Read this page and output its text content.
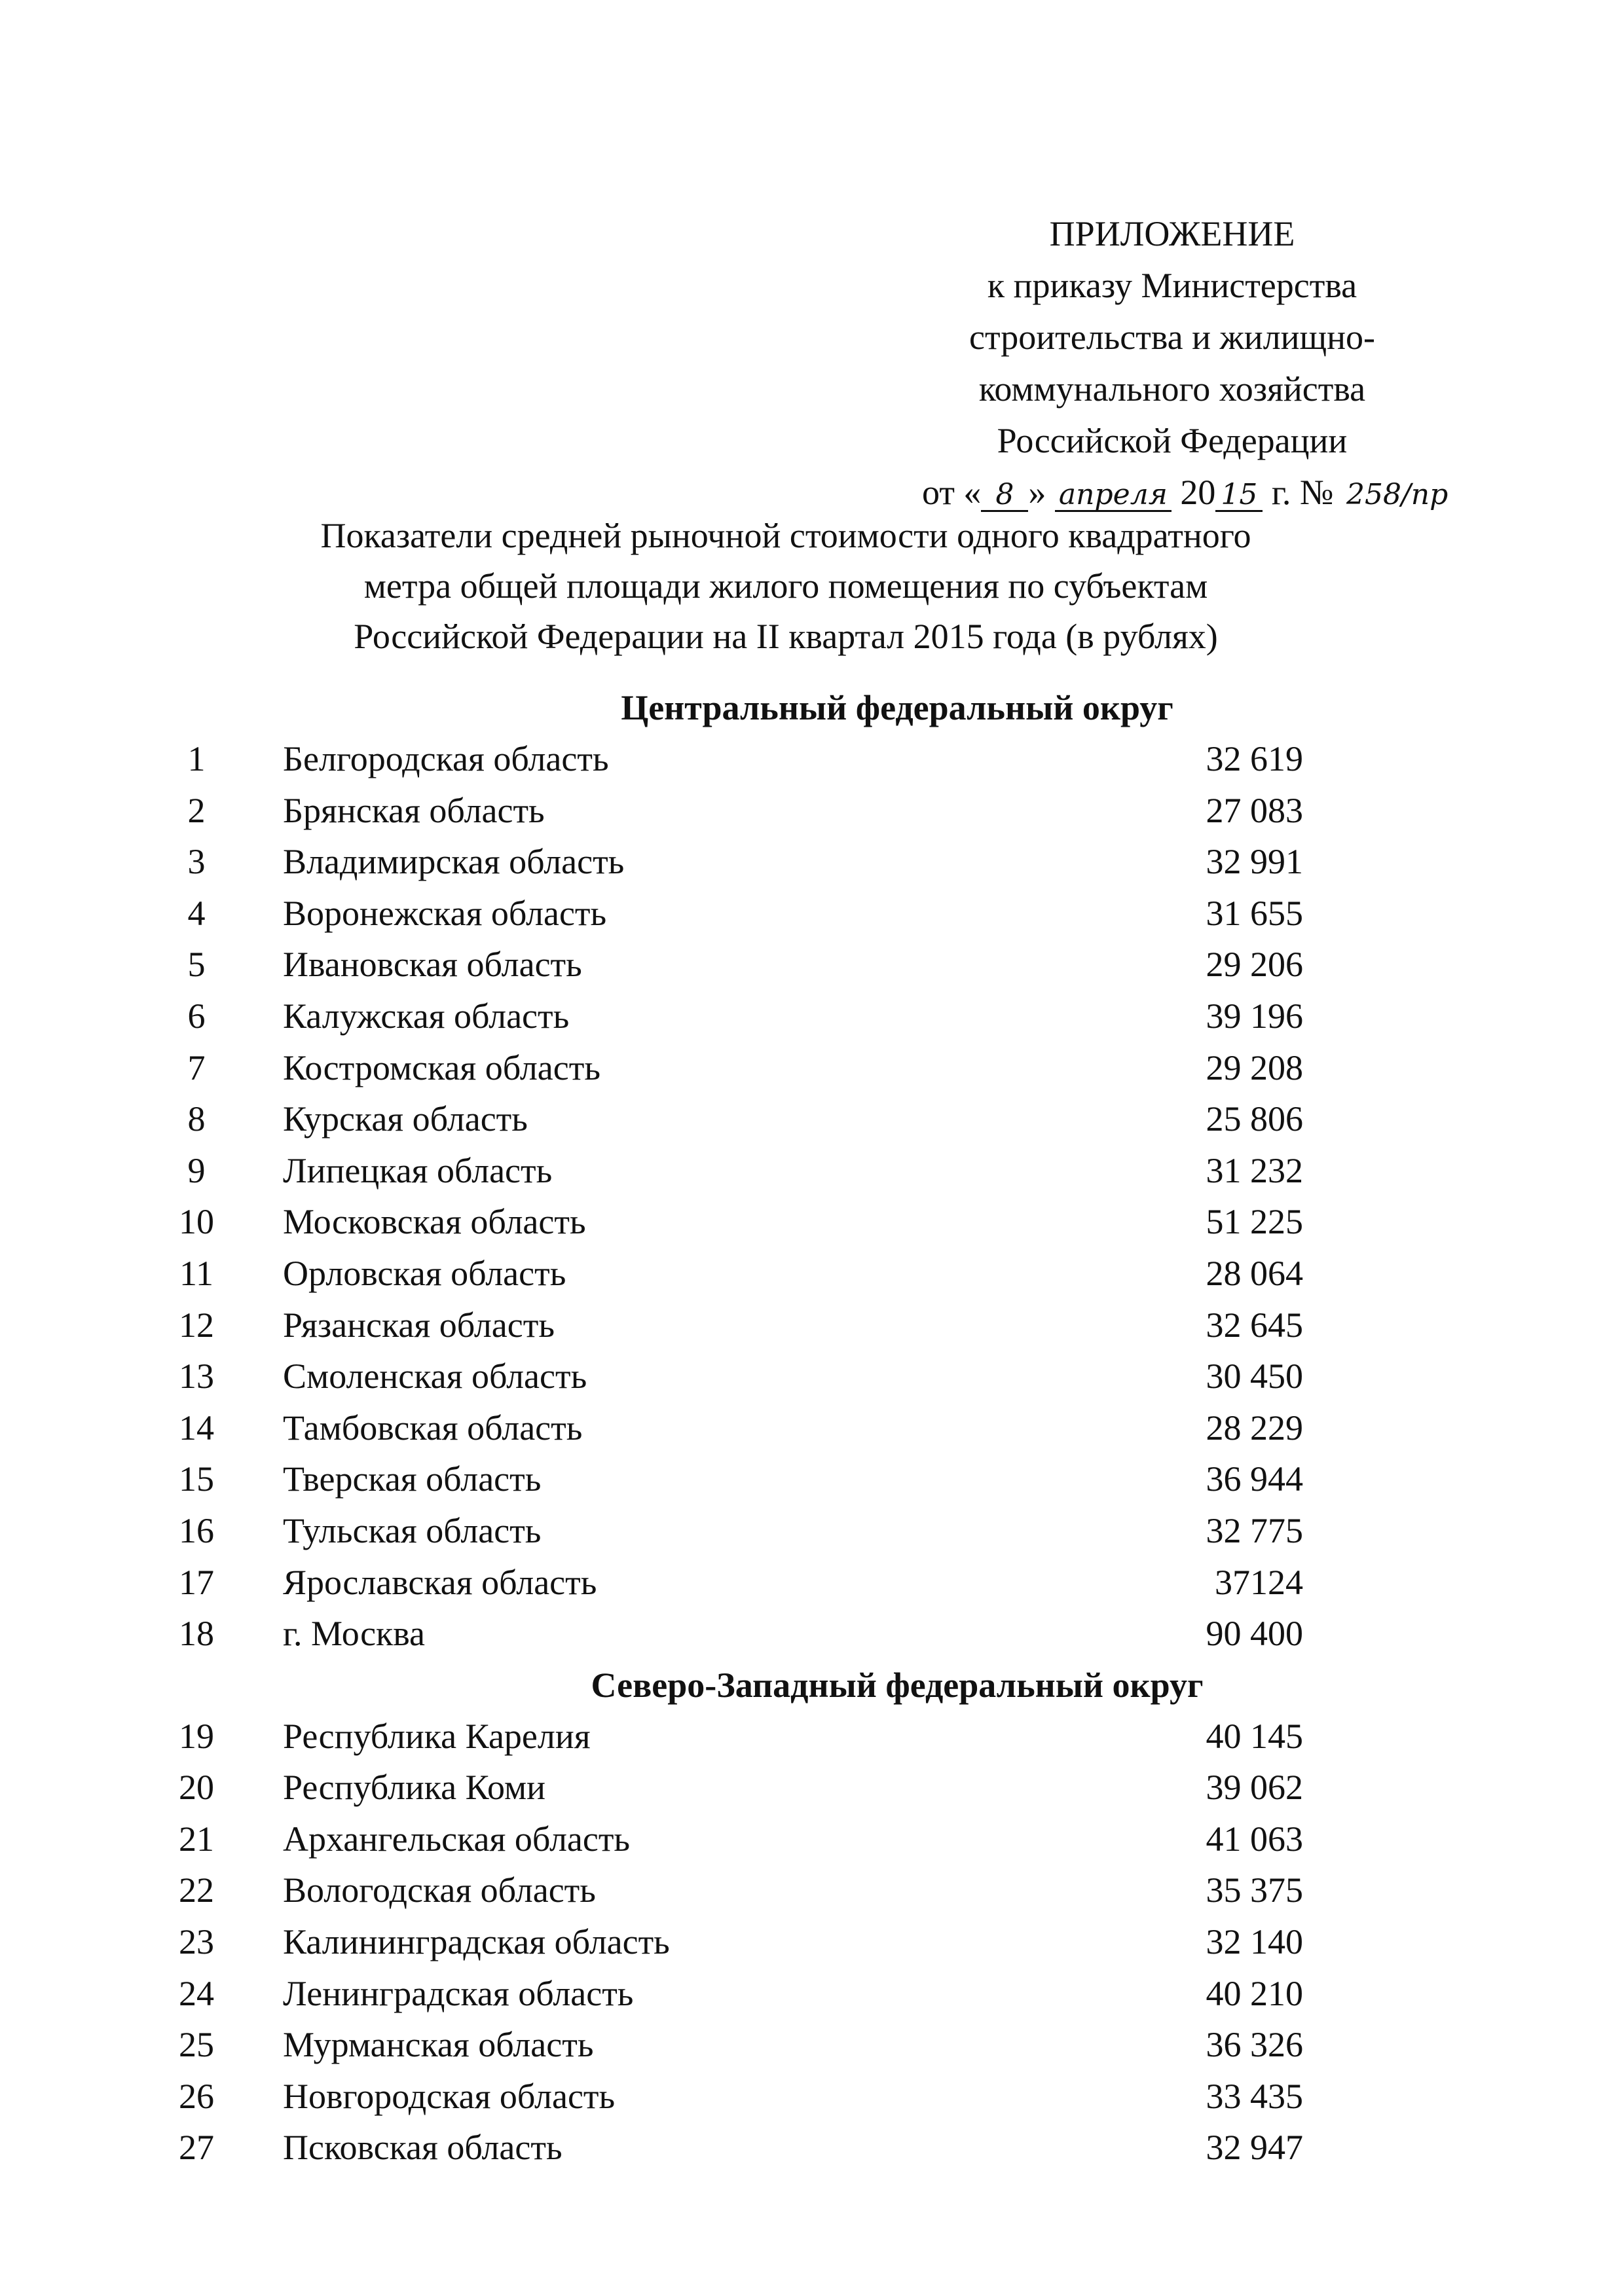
ПРИЛОЖЕНИЕ
к приказу Министерства
строительства и жилищно-
коммунального хозяйства
Российской Федерации
от « 8 » апреля 20 15 г. № 258/пр
Показатели средней рыночной стоимости одного квадратного
метра общей площади жилого помещения по субъектам
Российской Федерации на II квартал 2015 года (в рублях)
Центральный федеральный округ
1	Белгородская область	32 619
2	Брянская область	27 083
3	Владимирская область	32 991
4	Воронежская область	31 655
5	Ивановская область	29 206
6	Калужская область	39 196
7	Костромская область	29 208
8	Курская область	25 806
9	Липецкая область	31 232
10	Московская область	51 225
11	Орловская область	28 064
12	Рязанская область	32 645
13	Смоленская область	30 450
14	Тамбовская область	28 229
15	Тверская область	36 944
16	Тульская область	32 775
17	Ярославская область	37124
18	г. Москва	90 400
Северо-Западный федеральный округ
19	Республика Карелия	40 145
20	Республика Коми	39 062
21	Архангельская область	41 063
22	Вологодская область	35 375
23	Калининградская область	32 140
24	Ленинградская область	40 210
25	Мурманская область	36 326
26	Новгородская область	33 435
27	Псковская область	32 947
